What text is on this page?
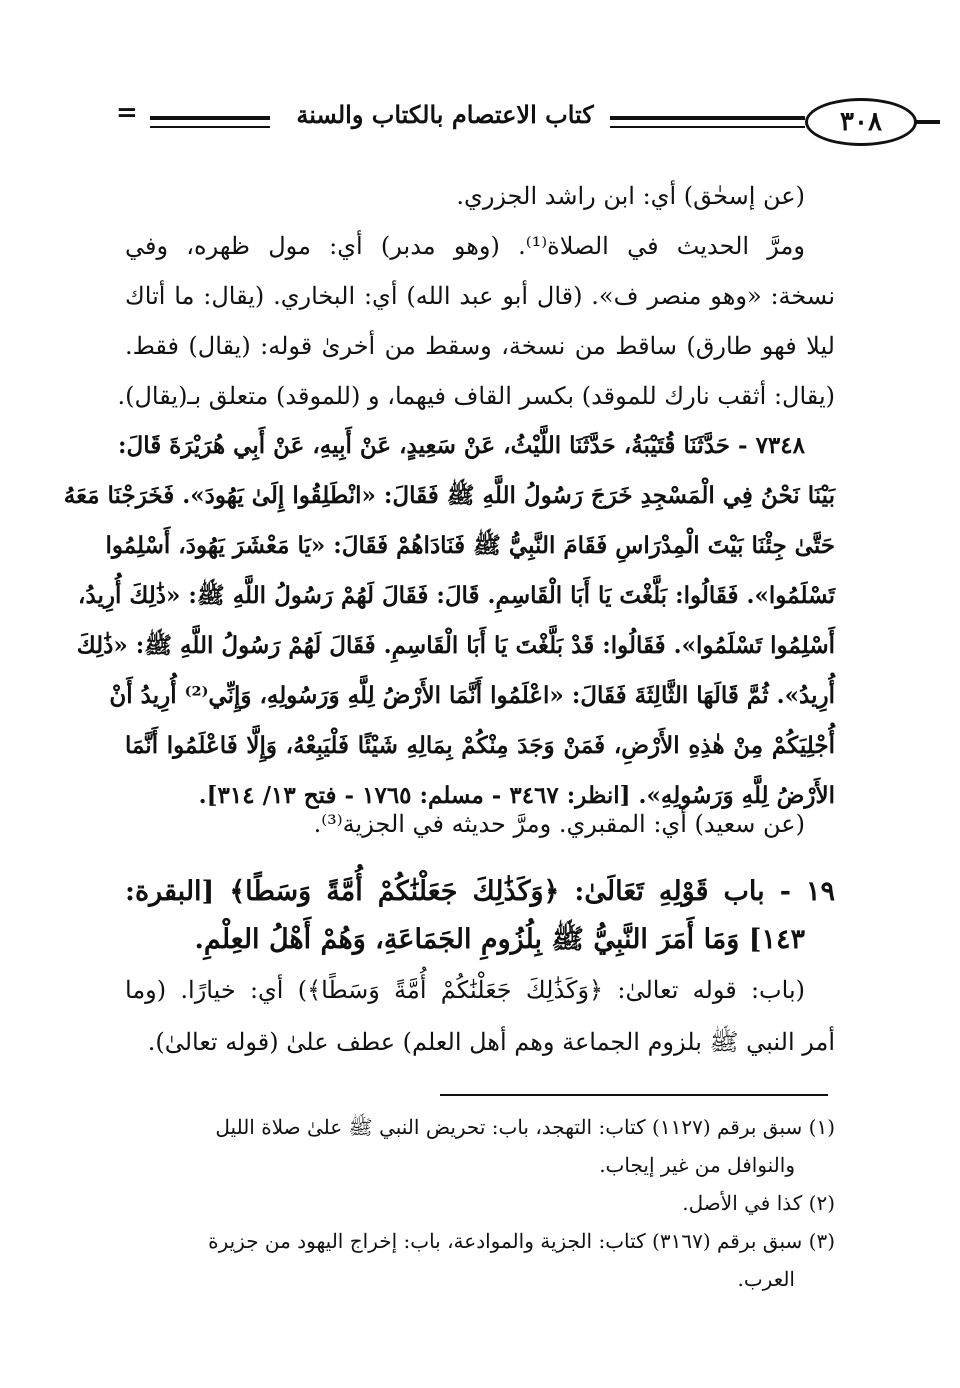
٣٠٨
كتاب الاعتصام بالكتاب والسنة
=
(عن إسحٰق) أي: ابن راشد الجزري.
ومرَّ الحديث في الصلاة⁽¹⁾. (وهو مدبر) أي: مول ظهره، وفي
نسخة: «وهو منصر ف». (قال أبو عبد الله) أي: البخاري. (يقال: ما أتاك
ليلا فهو طارق) ساقط من نسخة، وسقط من أخرىٰ قوله: (يقال) فقط.
(يقال: أثقب نارك للموقد) بكسر القاف فيهما، و (للموقد) متعلق بـ(يقال).
٧٣٤٨ - حَدَّثَنَا قُتَيْبَةُ، حَدَّثَنَا اللَّيْثُ، عَنْ سَعِيدٍ، عَنْ أَبِيهِ، عَنْ أَبِي هُرَيْرَةَ قَالَ:
بَيْنَا نَحْنُ فِي الْمَسْجِدِ خَرَجَ رَسُولُ اللَّهِ ﷺ فَقَالَ: «انْطَلِقُوا إِلَىٰ يَهُودَ». فَخَرَجْنَا مَعَهُ
حَتَّىٰ جِئْنَا بَيْتَ الْمِدْرَاسِ فَقَامَ النَّبِيُّ ﷺ فَنَادَاهُمْ فَقَالَ: «يَا مَعْشَرَ يَهُودَ، أَسْلِمُوا
تَسْلَمُوا». فَقَالُوا: بَلَّغْتَ يَا أَبَا الْقَاسِمِ. قَالَ: فَقَالَ لَهُمْ رَسُولُ اللَّهِ ﷺ: «ذَٰلِكَ أُرِيدُ،
أَسْلِمُوا تَسْلَمُوا». فَقَالُوا: قَدْ بَلَّغْتَ يَا أَبَا الْقَاسِمِ. فَقَالَ لَهُمْ رَسُولُ اللَّهِ ﷺ: «ذَٰلِكَ
أُرِيدُ». ثُمَّ قَالَهَا الثَّالِثَةَ فَقَالَ: «اعْلَمُوا أَنَّمَا الأَرْضُ لِلَّهِ وَرَسُولِهِ، وَإِنِّي⁽²⁾ أُرِيدُ أَنْ
أُجْلِيَكُمْ مِنْ هٰذِهِ الأَرْضِ، فَمَنْ وَجَدَ مِنْكُمْ بِمَالِهِ شَيْئًا فَلْيَبِعْهُ، وَإِلَّا فَاعْلَمُوا أَنَّمَا
الأَرْضُ لِلَّهِ وَرَسُولِهِ». [انظر: ٣٤٦٧ - مسلم: ١٧٦٥ - فتح ١٣/ ٣١٤].
(عن سعيد) أي: المقبري. ومرَّ حديثه في الجزية⁽³⁾.
١٩ - باب قَوْلِهِ تَعَالَىٰ: ﴿وَكَذَٰلِكَ جَعَلْنَٰكُمْ أُمَّةً وَسَطًا﴾ [البقرة:
١٤٣] وَمَا أَمَرَ النَّبِيُّ ﷺ بِلُزُومِ الجَمَاعَةِ، وَهُمْ أَهْلُ العِلْمِ.
(باب: قوله تعالىٰ: ﴿وَكَذَٰلِكَ جَعَلْنَٰكُمْ أُمَّةً وَسَطًا﴾) أي: خيارًا. (وما
أمر النبي ﷺ بلزوم الجماعة وهم أهل العلم) عطف علىٰ (قوله تعالىٰ).
(١) سبق برقم (١١٢٧) كتاب: التهجد، باب: تحريض النبي ﷺ علىٰ صلاة الليل
والنوافل من غير إيجاب.
(٢) كذا في الأصل.
(٣) سبق برقم (٣١٦٧) كتاب: الجزية والموادعة، باب: إخراج اليهود من جزيرة
العرب.
